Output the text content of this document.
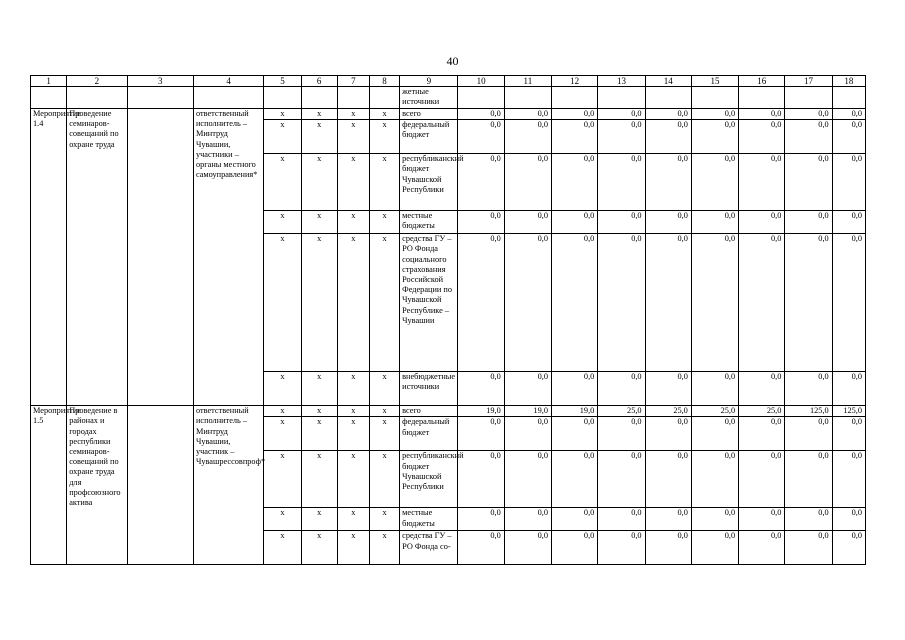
40
1	2	3	4	5	6	7	8	9	10	11	12	13	14	15	16	17	18
								жетные источники									
Мероприятие 1.4	Проведение семинаров-совещаний по охране труда		ответственный исполнитель – Минтруд Чувашии, участники – органы местного самоуправления*	x	x	x	x	всего	0,0	0,0	0,0	0,0	0,0	0,0	0,0	0,0	0,0
				x	x	x	x	федеральный бюджет	0,0	0,0	0,0	0,0	0,0	0,0	0,0	0,0	0,0
				x	x	x	x	республиканский бюджет Чувашской Республики	0,0	0,0	0,0	0,0	0,0	0,0	0,0	0,0	0,0
				x	x	x	x	местные бюджеты	0,0	0,0	0,0	0,0	0,0	0,0	0,0	0,0	0,0
				x	x	x	x	средства ГУ – РО Фонда социального страхования Российской Федерации по Чувашской Республике – Чувашии	0,0	0,0	0,0	0,0	0,0	0,0	0,0	0,0	0,0
				x	x	x	x	внебюджетные источники	0,0	0,0	0,0	0,0	0,0	0,0	0,0	0,0	0,0
Мероприятие 1.5	Проведение в районах и городах республики семинаров-совещаний по охране труда для профсоюзного актива		ответственный исполнитель – Минтруд Чувашии, участник – Чувашрессовпроф*	x	x	x	x	всего	19,0	19,0	19,0	25,0	25,0	25,0	25,0	125,0	125,0
				x	x	x	x	федеральный бюджет	0,0	0,0	0,0	0,0	0,0	0,0	0,0	0,0	0,0
				x	x	x	x	республиканский бюджет Чувашской Республики	0,0	0,0	0,0	0,0	0,0	0,0	0,0	0,0	0,0
				x	x	x	x	местные бюджеты	0,0	0,0	0,0	0,0	0,0	0,0	0,0	0,0	0,0
				x	x	x	x	средства ГУ – РО Фонда со-	0,0	0,0	0,0	0,0	0,0	0,0	0,0	0,0	0,0
